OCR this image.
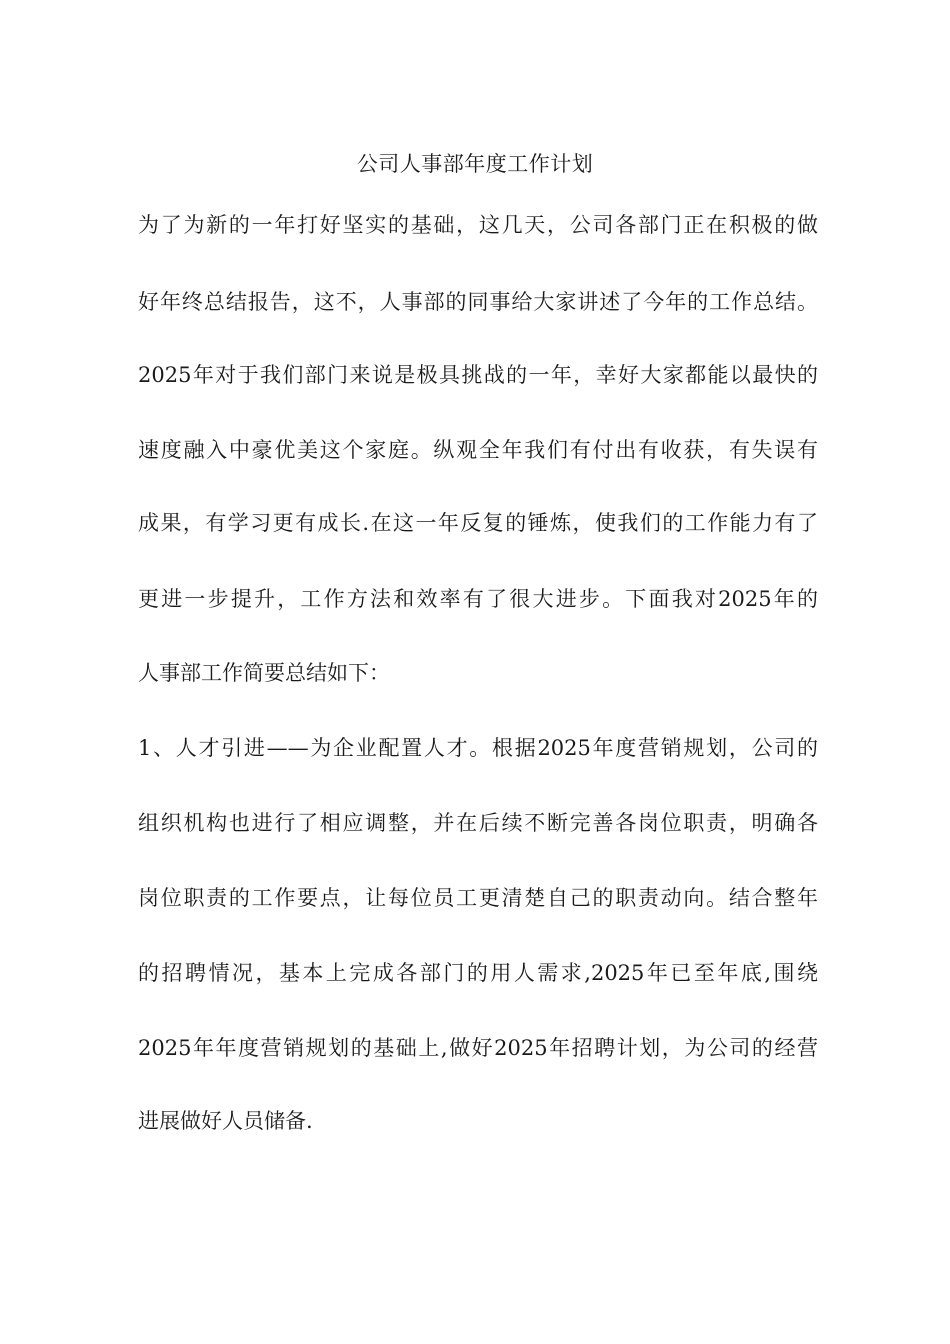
公司人事部年度工作计划
为了为新的一年打好坚实的基础，这几天，公司各部门正在积极的做
好年终总结报告，这不，人事部的同事给大家讲述了今年的工作总结。
2025年对于我们部门来说是极具挑战的一年，幸好大家都能以最快的
速度融入中豪优美这个家庭。纵观全年我们有付出有收获，有失误有
成果，有学习更有成长.在这一年反复的锤炼，使我们的工作能力有了
更进一步提升，工作方法和效率有了很大进步。下面我对2025年的
人事部工作简要总结如下：
1、人才引进——为企业配置人才。根据2025年度营销规划，公司的
组织机构也进行了相应调整，并在后续不断完善各岗位职责，明确各
岗位职责的工作要点，让每位员工更清楚自己的职责动向。结合整年
的招聘情况，基本上完成各部门的用人需求,2025年已至年底,围绕
2025年年度营销规划的基础上,做好2025年招聘计划，为公司的经营
进展做好人员储备.
